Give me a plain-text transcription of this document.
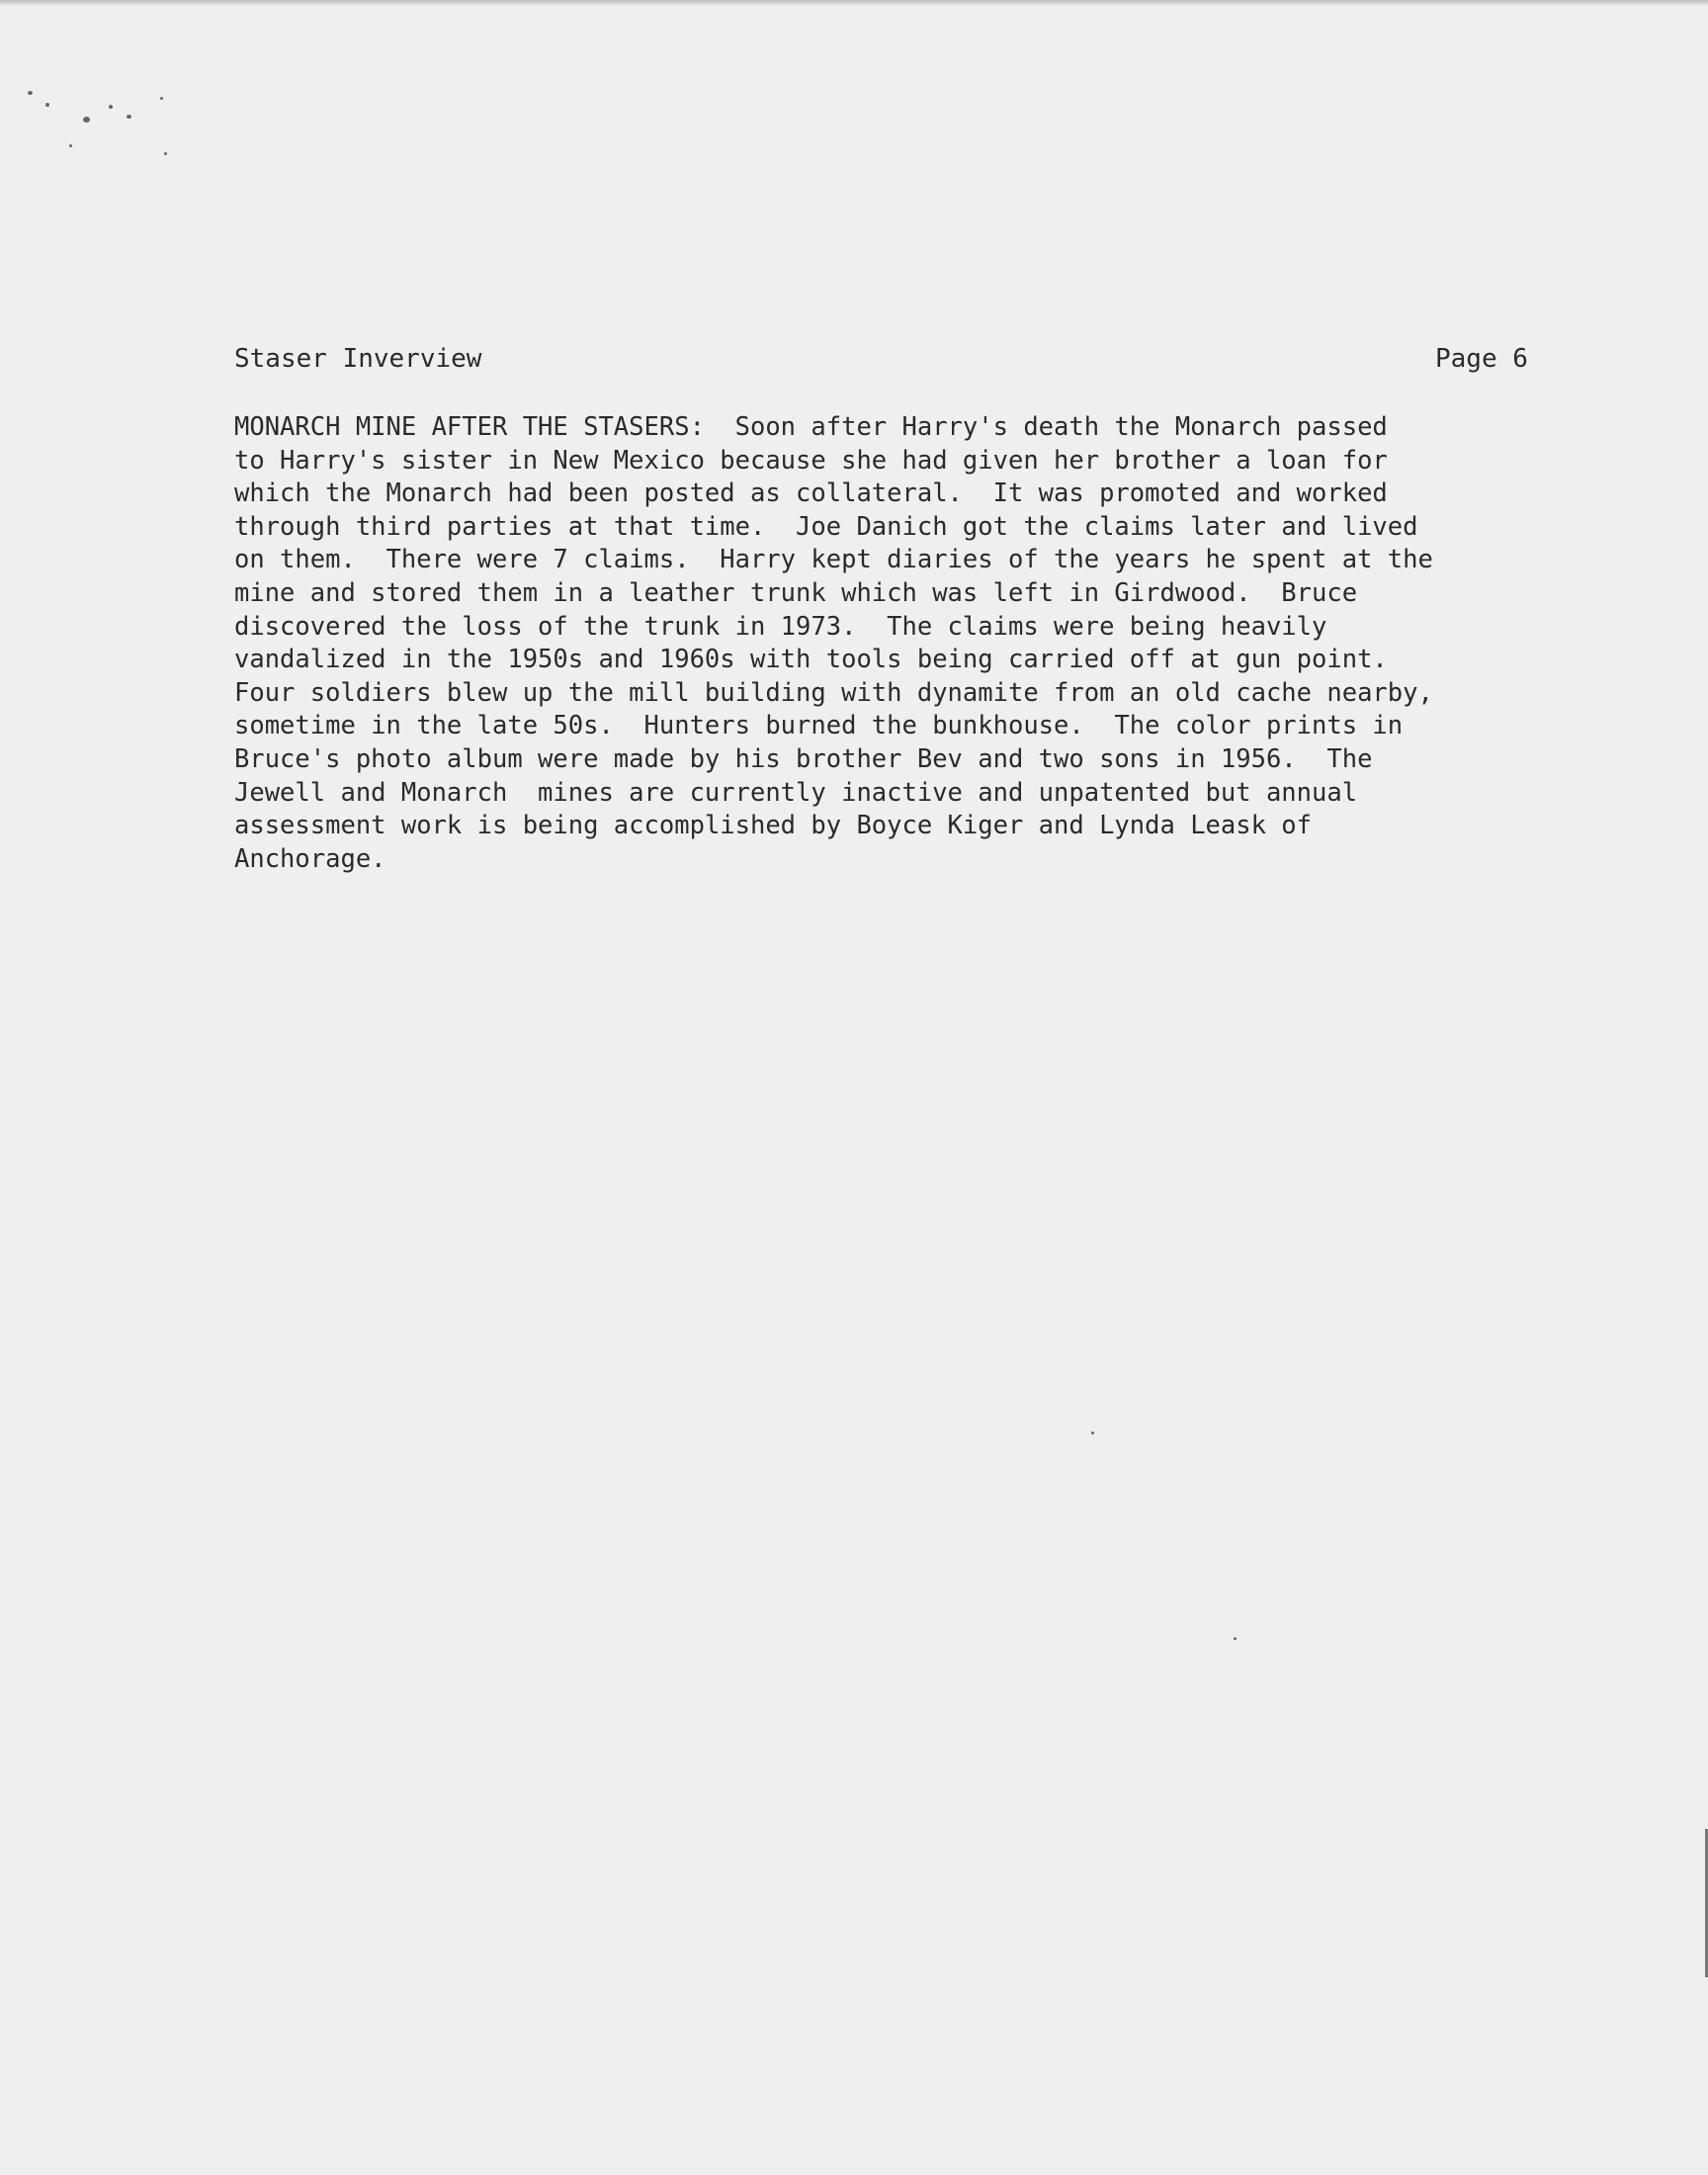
Staser Inverview	Page 6
MONARCH MINE AFTER THE STASERS:  Soon after Harry's death the Monarch passed
to Harry's sister in New Mexico because she had given her brother a loan for
which the Monarch had been posted as collateral.  It was promoted and worked
through third parties at that time.  Joe Danich got the claims later and lived
on them.  There were 7 claims.  Harry kept diaries of the years he spent at the
mine and stored them in a leather trunk which was left in Girdwood.  Bruce
discovered the loss of the trunk in 1973.  The claims were being heavily
vandalized in the 1950s and 1960s with tools being carried off at gun point.
Four soldiers blew up the mill building with dynamite from an old cache nearby,
sometime in the late 50s.  Hunters burned the bunkhouse.  The color prints in
Bruce's photo album were made by his brother Bev and two sons in 1956.  The
Jewell and Monarch  mines are currently inactive and unpatented but annual
assessment work is being accomplished by Boyce Kiger and Lynda Leask of
Anchorage.
